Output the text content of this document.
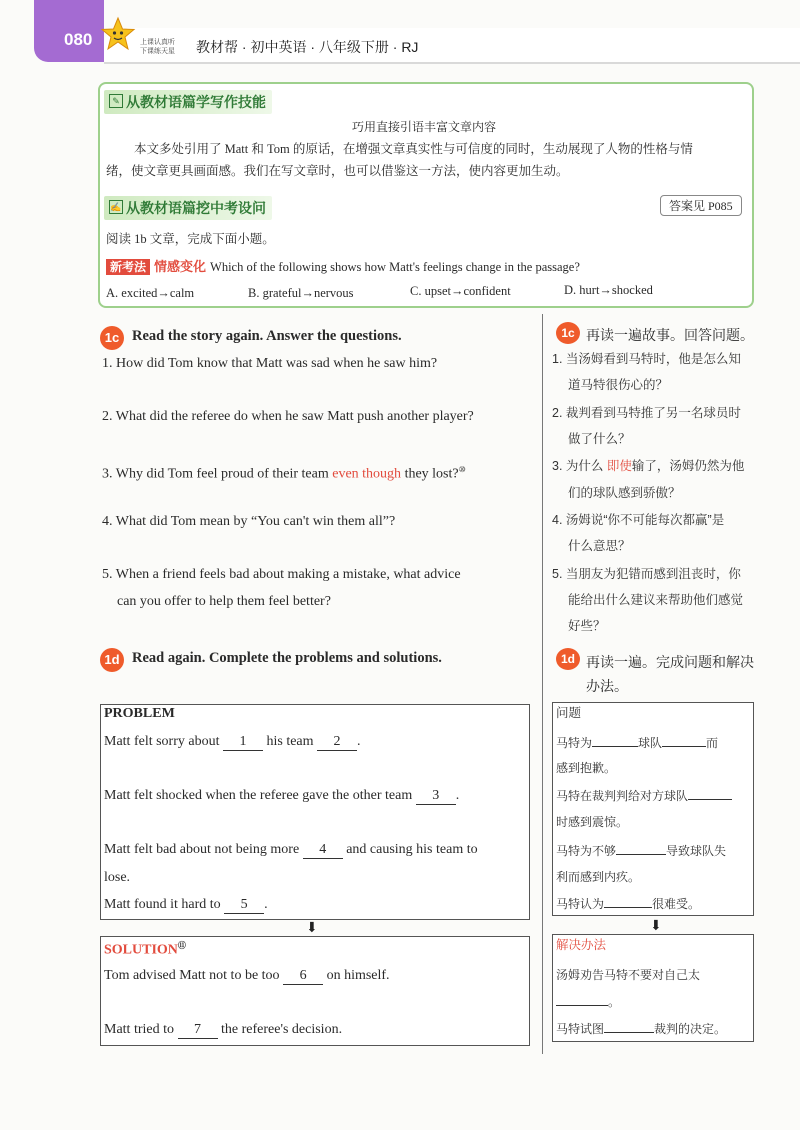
080	上课认真听
下课练天星 教材帮 · 初中英语 · 八年级下册 · RJ
从教材语篇学写作技能
✎
巧用直接引语丰富文章内容
本文多处引用了 Matt 和 Tom 的原话，在增强文章真实性与可信度的同时，生动展现了人物的性格与情
绪，使文章更具画面感。我们在写文章时，也可以借鉴这一方法，使内容更加生动。
从教材语篇挖中考设问
✍	答案见 P085
阅读 1b 文章，完成下面小题。
新考法 情感变化 Which of the following shows how Matt's feelings change in the passage?
A. excited→calm	B. grateful→nervous	C. upset→confident	D. hurt→shocked
1c Read the story again. Answer the questions.
1. How did Tom know that Matt was sad when he saw him?
2. What did the referee do when he saw Matt push another player?
3. Why did Tom feel proud of their team even though they lost?⑩
4. What did Tom mean by “You can't win them all”?
5. When a friend feels bad about making a mistake, what advice
can you offer to help them feel better?
1c 再读一遍故事。回答问题。
1. 当汤姆看到马特时，他是怎么知
道马特很伤心的？
2. 裁判看到马特推了另一名球员时
做了什么？
3. 为什么 即使输了，汤姆仍然为他
们的球队感到骄傲？
4. 汤姆说“你不可能每次都赢”是
什么意思？
5. 当朋友为犯错而感到沮丧时，你
能给出什么建议来帮助他们感觉
好些？
1d Read again. Complete the problems and solutions.
PROBLEM
Matt felt sorry about 1 his team 2 .
Matt felt shocked when the referee gave the other team 3 .
Matt felt bad about not being more 4 and causing his team to
lose.
Matt found it hard to 5 .
⬇
SOLUTION⑪
Tom advised Matt not to be too 6 on himself.
Matt tried to 7 the referee's decision.
1d 再读一遍。完成问题和解决
办法。
问题
马特为	球队	而
感到抱歉。
马特在裁判判给对方球队
时感到震惊。
马特为不够	导致球队失
利而感到内疚。
马特认为	很难受。
⬇
解决办法
汤姆劝告马特不要对自己太
。
马特试图	裁判的决定。
